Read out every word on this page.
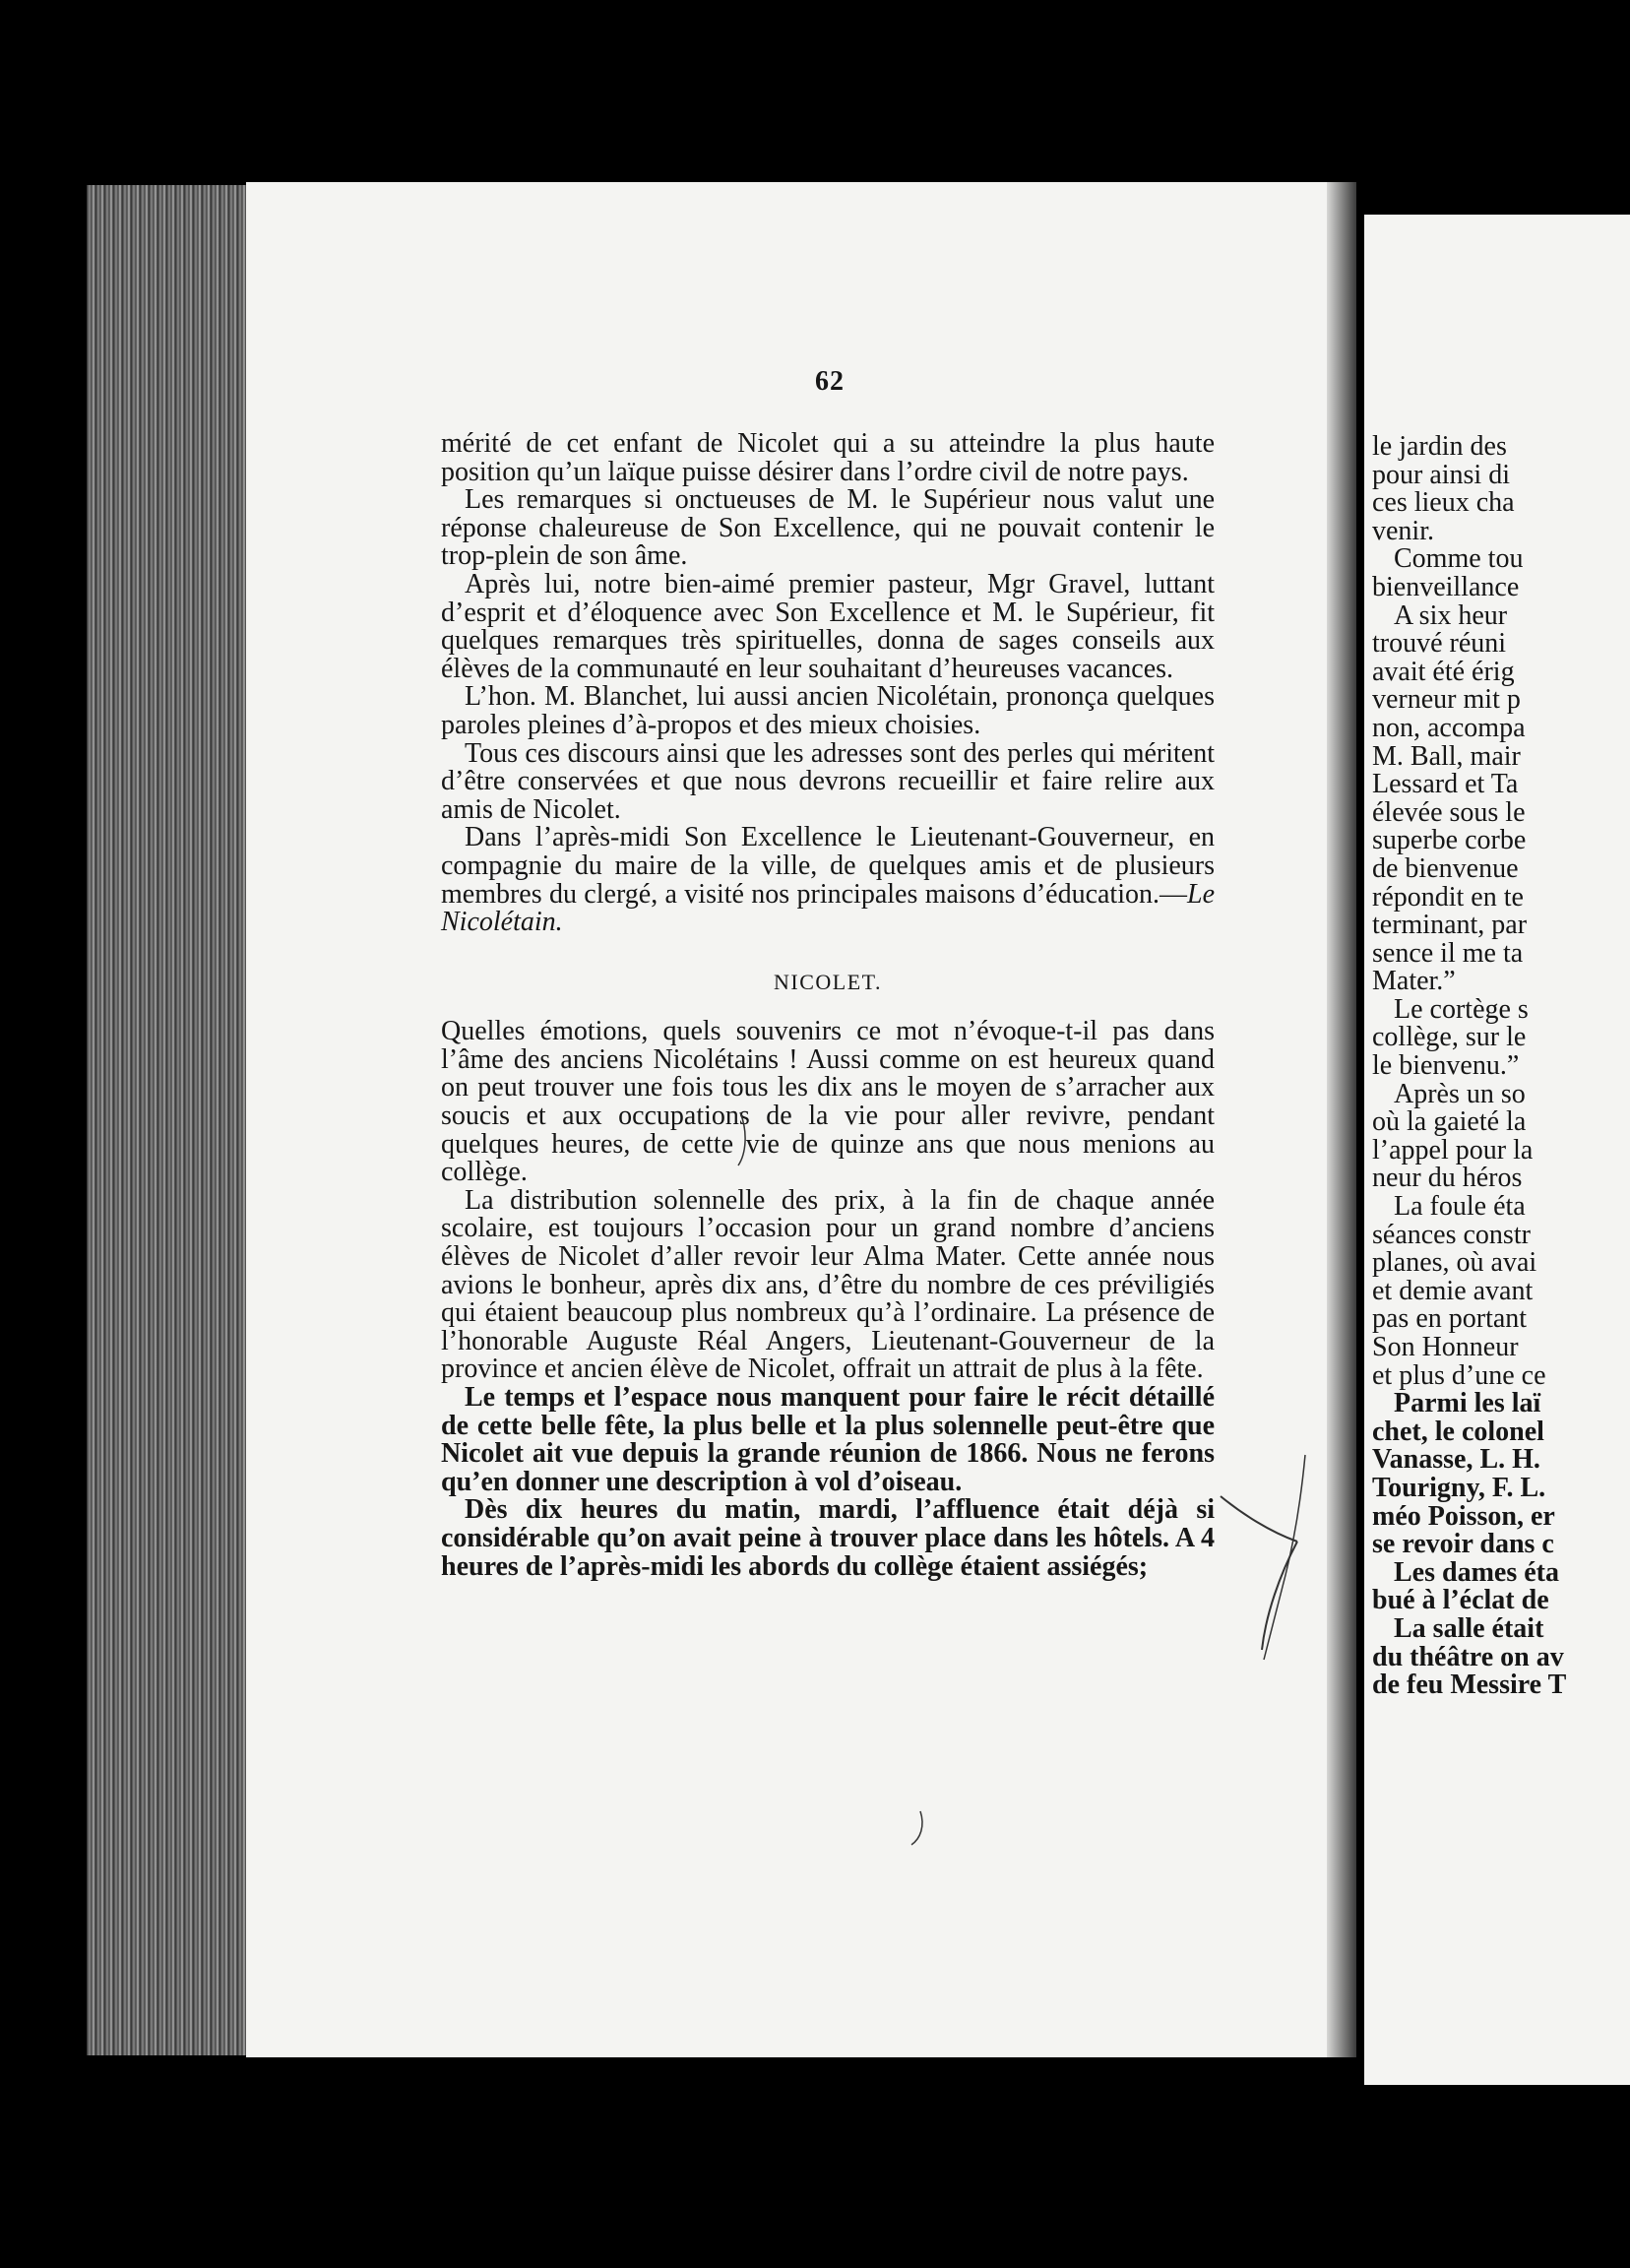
62

mérité de cet enfant de Nicolet qui a su atteindre la plus haute position qu’un laïque puisse désirer dans l’ordre civil de notre pays.

Les remarques si onctueuses de M. le Supérieur nous valut une réponse chaleureuse de Son Excellence, qui ne pouvait contenir le trop-plein de son âme.

Après lui, notre bien-aimé premier pasteur, Mgr Gravel, luttant d’esprit et d’éloquence avec Son Excellence et M. le Supérieur, fit quelques remarques très spirituelles, donna de sages conseils aux élèves de la communauté en leur souhaitant d’heureuses vacances.

L’hon. M. Blanchet, lui aussi ancien Nicolétain, prononça quelques paroles pleines d’à-propos et des mieux choisies.

Tous ces discours ainsi que les adresses sont des perles qui méritent d’être conservées et que nous devrons recueillir et faire relire aux amis de Nicolet.

Dans l’après-midi Son Excellence le Lieutenant-Gouverneur, en compagnie du maire de la ville, de quelques amis et de plusieurs membres du clergé, a visité nos principales maisons d’éducation.—Le Nicolétain.

NICOLET.

Quelles émotions, quels souvenirs ce mot n’évoque-t-il pas dans l’âme des anciens Nicolétains ! Aussi comme on est heureux quand on peut trouver une fois tous les dix ans le moyen de s’arracher aux soucis et aux occupations de la vie pour aller revivre, pendant quelques heures, de cette vie de quinze ans que nous menions au collège.

La distribution solennelle des prix, à la fin de chaque année scolaire, est toujours l’occasion pour un grand nombre d’anciens élèves de Nicolet d’aller revoir leur Alma Mater. Cette année nous avions le bonheur, après dix ans, d’être du nombre de ces préviligiés qui étaient beaucoup plus nombreux qu’à l’ordinaire. La présence de l’honorable Auguste Réal Angers, Lieutenant-Gouverneur de la province et ancien élève de Nicolet, offrait un attrait de plus à la fête.

Le temps et l’espace nous manquent pour faire le récit détaillé de cette belle fête, la plus belle et la plus solennelle peut-être que Nicolet ait vue depuis la grande réunion de 1866. Nous ne ferons qu’en donner une description à vol d’oiseau.

Dès dix heures du matin, mardi, l’affluence était déjà si considérable qu’on avait peine à trouver place dans les hôtels. A 4 heures de l’après-midi les abords du collège étaient assiégés;

le jardin des
pour ainsi di
ces lieux cha
venir.
Comme tou
bienveillance
A six heur
trouvé réuni
avait été érig
verneur mit p
non, accompa
M. Ball, mair
Lessard et Ta
élevée sous le
superbe corbe
de bienvenue
répondit en te
terminant, par
sence il me ta
Mater.”
Le cortège s
collège, sur le
le bienvenu.”
Après un so
où la gaieté la
l’appel pour la
neur du héros
La foule éta
séances constr
planes, où avai
et demie avant
pas en portant
Son Honneur
et plus d’une ce
Parmi les laï
chet, le colonel
Vanasse, L. H.
Tourigny, F. L.
méo Poisson, er
se revoir dans c
Les dames éta
bué à l’éclat de
La salle était
du théâtre on av
de feu Messire T
